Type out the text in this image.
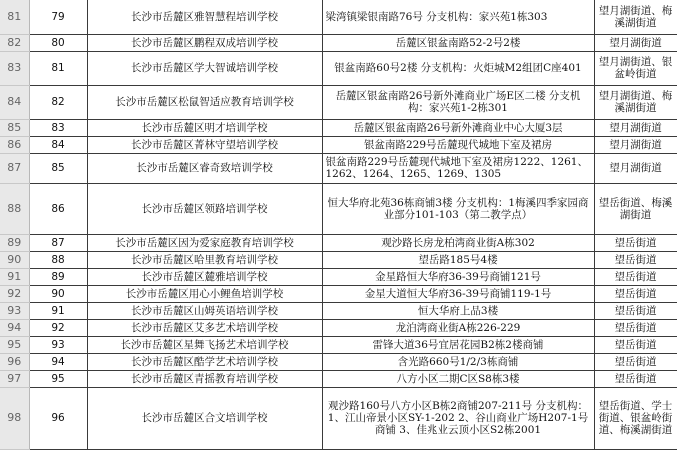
81	79	长沙市岳麓区雅智慧程培训学校	梁湾镇梁银南路76号 分支机构：家兴苑1栋303	望月湖街道、梅溪湖街道
82	80	长沙市岳麓区鹏程双成培训学校	岳麓区银盆南路52-2号2楼	望月湖街道
83	81	长沙市岳麓区学大智诚培训学校	银盆南路60号2楼 分支机构：火炬城M2组团C座401	望月湖街道、银盆岭街道
84	82	长沙市岳麓区松鼠智适应教育培训学校	岳麓区银盆南路26号新外滩商业广场E区二楼 分支机构：家兴苑1-2栋301	望月湖街道、梅溪湖街道
85	83	长沙市岳麓区明才培训学校	岳麓区银盆南路26号新外滩商业中心大厦3层	望月湖街道
86	84	长沙市岳麓区菁林守望培训学校	银盆南路229号岳麓现代城地下室及裙房	望月湖街道
87	85	长沙市岳麓区睿奇致培训学校	银盆南路229号岳麓现代城地下室及裙房1222、1261、1262、1264、1265、1269、1305	望月湖街道
88	86	长沙市岳麓区领路培训学校	恒大华府北苑36栋商铺3楼 分支机构：1梅溪四季家园商业部分101-103（第二教学点）	望岳街道、梅溪湖街道
89	87	长沙市岳麓区因为爱家庭教育培训学校	观沙路长房龙柏湾商业街A栋302	望岳街道
90	88	长沙市岳麓区哈里教育培训学校	望岳路185号4楼	望岳街道
91	89	长沙市岳麓区麓雅培训学校	金星路恒大华府36-39号商铺121号	望岳街道
92	90	长沙市岳麓区用心小鲤鱼培训学校	金星大道恒大华府36-39号商铺119-1号	望岳街道
93	91	长沙市岳麓区山姆英语培训学校	恒大华府上品3楼	望岳街道
94	92	长沙市岳麓区艾多艺术培训学校	龙泊湾商业街A栋226-229	望岳街道
95	93	长沙市岳麓区星舞飞扬艺术培训学校	雷锋大道36号宜居花园B2栋2楼商铺	望岳街道
96	94	长沙市岳麓区酷学艺术培训学校	含光路660号1/2/3栋商铺	望岳街道
97	95	长沙市岳麓区青摇教育培训学校	八方小区二期C区S8栋3楼	望岳街道
98	96	长沙市岳麓区合文培训学校	观沙路160号八方小区B栋2商铺207-211号 分支机构：1、江山帝景小区SY-1-202 2、谷山商业广场H207-1号商铺 3、佳兆业云顶小区S2栋2001	望岳街道、学士街道、银盆岭街道、梅溪湖街道
